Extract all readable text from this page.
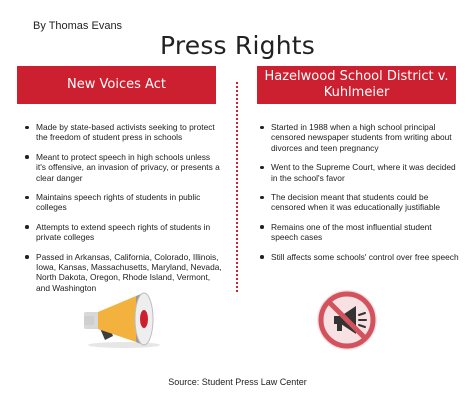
By Thomas Evans
Press Rights
New Voices Act
Hazelwood School District v. Kuhlmeier
Made by state-based activists seeking to protect the freedom of student press in schools
Meant to protect speech in high schools unless it's offensive, an invasion of privacy, or presents a clear danger
Maintains speech rights of students in public colleges
Attempts to extend speech rights of students in private colleges
Passed in Arkansas, California, Colorado, Illinois, Iowa, Kansas, Massachusetts, Maryland, Nevada, North Dakota, Oregon, Rhode Island, Vermont, and Washington
Started in 1988 when a high school principal censored newspaper students from writing about divorces and teen pregnancy
Went to the Supreme Court, where it was decided in the school's favor
The decision meant that students could be censored when it was educationally justifiable
Remains one of the most influential student speech cases
Still affects some schools' control over free speech
Source: Student Press Law Center
